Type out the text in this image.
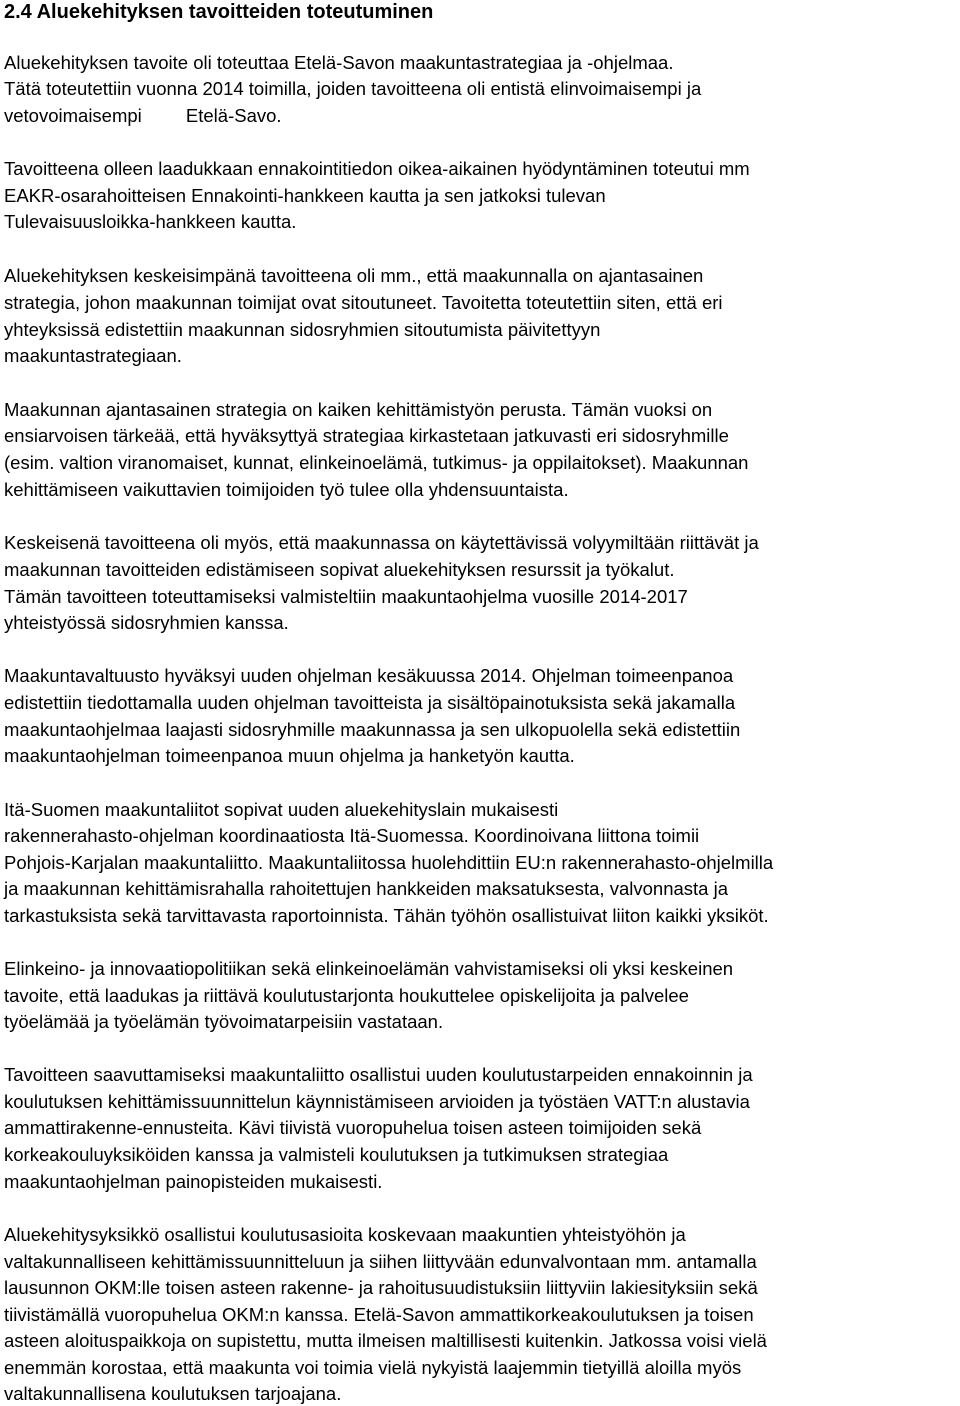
2.4 Aluekehityksen tavoitteiden toteutuminen
Aluekehityksen tavoite oli toteuttaa Etelä-Savon maakuntastrategiaa ja -ohjelmaa.
Tätä toteutettiin vuonna 2014 toimilla, joiden tavoitteena oli entistä elinvoimaisempi ja
vetovoimaisempi Etelä-Savo.
Tavoitteena olleen laadukkaan ennakointitiedon oikea-aikainen hyödyntäminen toteutui mm
EAKR-osarahoitteisen Ennakointi-hankkeen kautta ja sen jatkoksi tulevan
Tulevaisuusloikka-hankkeen kautta.
Aluekehityksen keskeisimpänä tavoitteena oli mm., että maakunnalla on ajantasainen
strategia, johon maakunnan toimijat ovat sitoutuneet. Tavoitetta toteutettiin siten, että eri
yhteyksissä edistettiin maakunnan sidosryhmien sitoutumista päivitettyyn
maakuntastrategiaan.
Maakunnan ajantasainen strategia on kaiken kehittämistyön perusta. Tämän vuoksi on
ensiarvoisen tärkeää, että hyväksyttyä strategiaa kirkastetaan jatkuvasti eri sidosryhmille
(esim. valtion viranomaiset, kunnat, elinkeinoelämä, tutkimus- ja oppilaitokset). Maakunnan
kehittämiseen vaikuttavien toimijoiden työ tulee olla yhdensuuntaista.
Keskeisenä tavoitteena oli myös, että maakunnassa on käytettävissä volyymiltään riittävät ja
maakunnan tavoitteiden edistämiseen sopivat aluekehityksen resurssit ja työkalut.
Tämän tavoitteen toteuttamiseksi valmisteltiin maakuntaohjelma vuosille 2014-2017
yhteistyössä sidosryhmien kanssa.
Maakuntavaltuusto hyväksyi uuden ohjelman kesäkuussa 2014. Ohjelman toimeenpanoa
edistettiin tiedottamalla uuden ohjelman tavoitteista ja sisältöpainotuksista sekä jakamalla
maakuntaohjelmaa laajasti sidosryhmille maakunnassa ja sen ulkopuolella sekä edistettiin
maakuntaohjelman toimeenpanoa muun ohjelma ja hanketyön kautta.
Itä-Suomen maakuntaliitot sopivat uuden aluekehityslain mukaisesti
rakennerahasto-ohjelman koordinaatiosta Itä-Suomessa. Koordinoivana liittona toimii
Pohjois-Karjalan maakuntaliitto. Maakuntaliitossa huolehdittiin EU:n rakennerahasto-ohjelmilla
ja maakunnan kehittämisrahalla rahoitettujen hankkeiden maksatuksesta, valvonnasta ja
tarkastuksista sekä tarvittavasta raportoinnista. Tähän työhön osallistuivat liiton kaikki yksiköt.
Elinkeino- ja innovaatiopolitiikan sekä elinkeinoelämän vahvistamiseksi oli yksi keskeinen
tavoite, että laadukas ja riittävä koulutustarjonta houkuttelee opiskelijoita ja palvelee
työelämää ja työelämän työvoimatarpeisiin vastataan.
Tavoitteen saavuttamiseksi maakuntaliitto osallistui uuden koulutustarpeiden ennakoinnin ja
koulutuksen kehittämissuunnittelun käynnistämiseen arvioiden ja työstäen VATT:n alustavia
ammattirakenne-ennusteita. Kävi tiivistä vuoropuhelua toisen asteen toimijoiden sekä
korkeakouluyksiköiden kanssa ja valmisteli koulutuksen ja tutkimuksen strategiaa
maakuntaohjelman painopisteiden mukaisesti.
Aluekehitysyksikkö osallistui koulutusasioita koskevaan maakuntien yhteistyöhön ja
valtakunnalliseen kehittämissuunnitteluun ja siihen liittyvään edunvalvontaan mm. antamalla
lausunnon OKM:lle toisen asteen rakenne- ja rahoitusuudistuksiin liittyviin lakiesityksiin sekä
tiivistämällä vuoropuhelua OKM:n kanssa. Etelä-Savon ammattikorkeakoulutuksen ja toisen
asteen aloituspaikkoja on supistettu, mutta ilmeisen maltillisesti kuitenkin. Jatkossa voisi vielä
enemmän korostaa, että maakunta voi toimia vielä nykyistä laajemmin tietyillä aloilla myös
valtakunnallisena koulutuksen tarjoajana.
